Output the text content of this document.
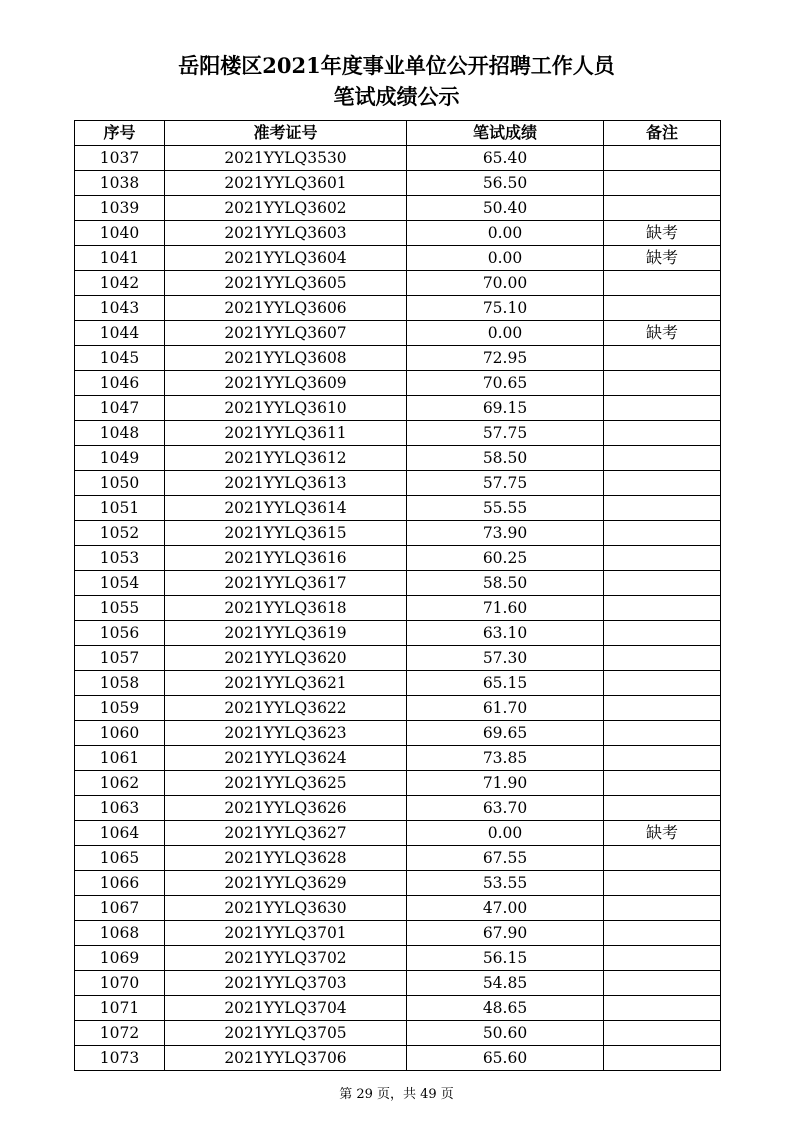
岳阳楼区2021年度事业单位公开招聘工作人员
笔试成绩公示
序号	准考证号	笔试成绩	备注
1037	2021YYLQ3530	65.40	
1038	2021YYLQ3601	56.50	
1039	2021YYLQ3602	50.40	
1040	2021YYLQ3603	0.00	缺考
1041	2021YYLQ3604	0.00	缺考
1042	2021YYLQ3605	70.00	
1043	2021YYLQ3606	75.10	
1044	2021YYLQ3607	0.00	缺考
1045	2021YYLQ3608	72.95	
1046	2021YYLQ3609	70.65	
1047	2021YYLQ3610	69.15	
1048	2021YYLQ3611	57.75	
1049	2021YYLQ3612	58.50	
1050	2021YYLQ3613	57.75	
1051	2021YYLQ3614	55.55	
1052	2021YYLQ3615	73.90	
1053	2021YYLQ3616	60.25	
1054	2021YYLQ3617	58.50	
1055	2021YYLQ3618	71.60	
1056	2021YYLQ3619	63.10	
1057	2021YYLQ3620	57.30	
1058	2021YYLQ3621	65.15	
1059	2021YYLQ3622	61.70	
1060	2021YYLQ3623	69.65	
1061	2021YYLQ3624	73.85	
1062	2021YYLQ3625	71.90	
1063	2021YYLQ3626	63.70	
1064	2021YYLQ3627	0.00	缺考
1065	2021YYLQ3628	67.55	
1066	2021YYLQ3629	53.55	
1067	2021YYLQ3630	47.00	
1068	2021YYLQ3701	67.90	
1069	2021YYLQ3702	56.15	
1070	2021YYLQ3703	54.85	
1071	2021YYLQ3704	48.65	
1072	2021YYLQ3705	50.60	
1073	2021YYLQ3706	65.60	
第 29 页，共 49 页
